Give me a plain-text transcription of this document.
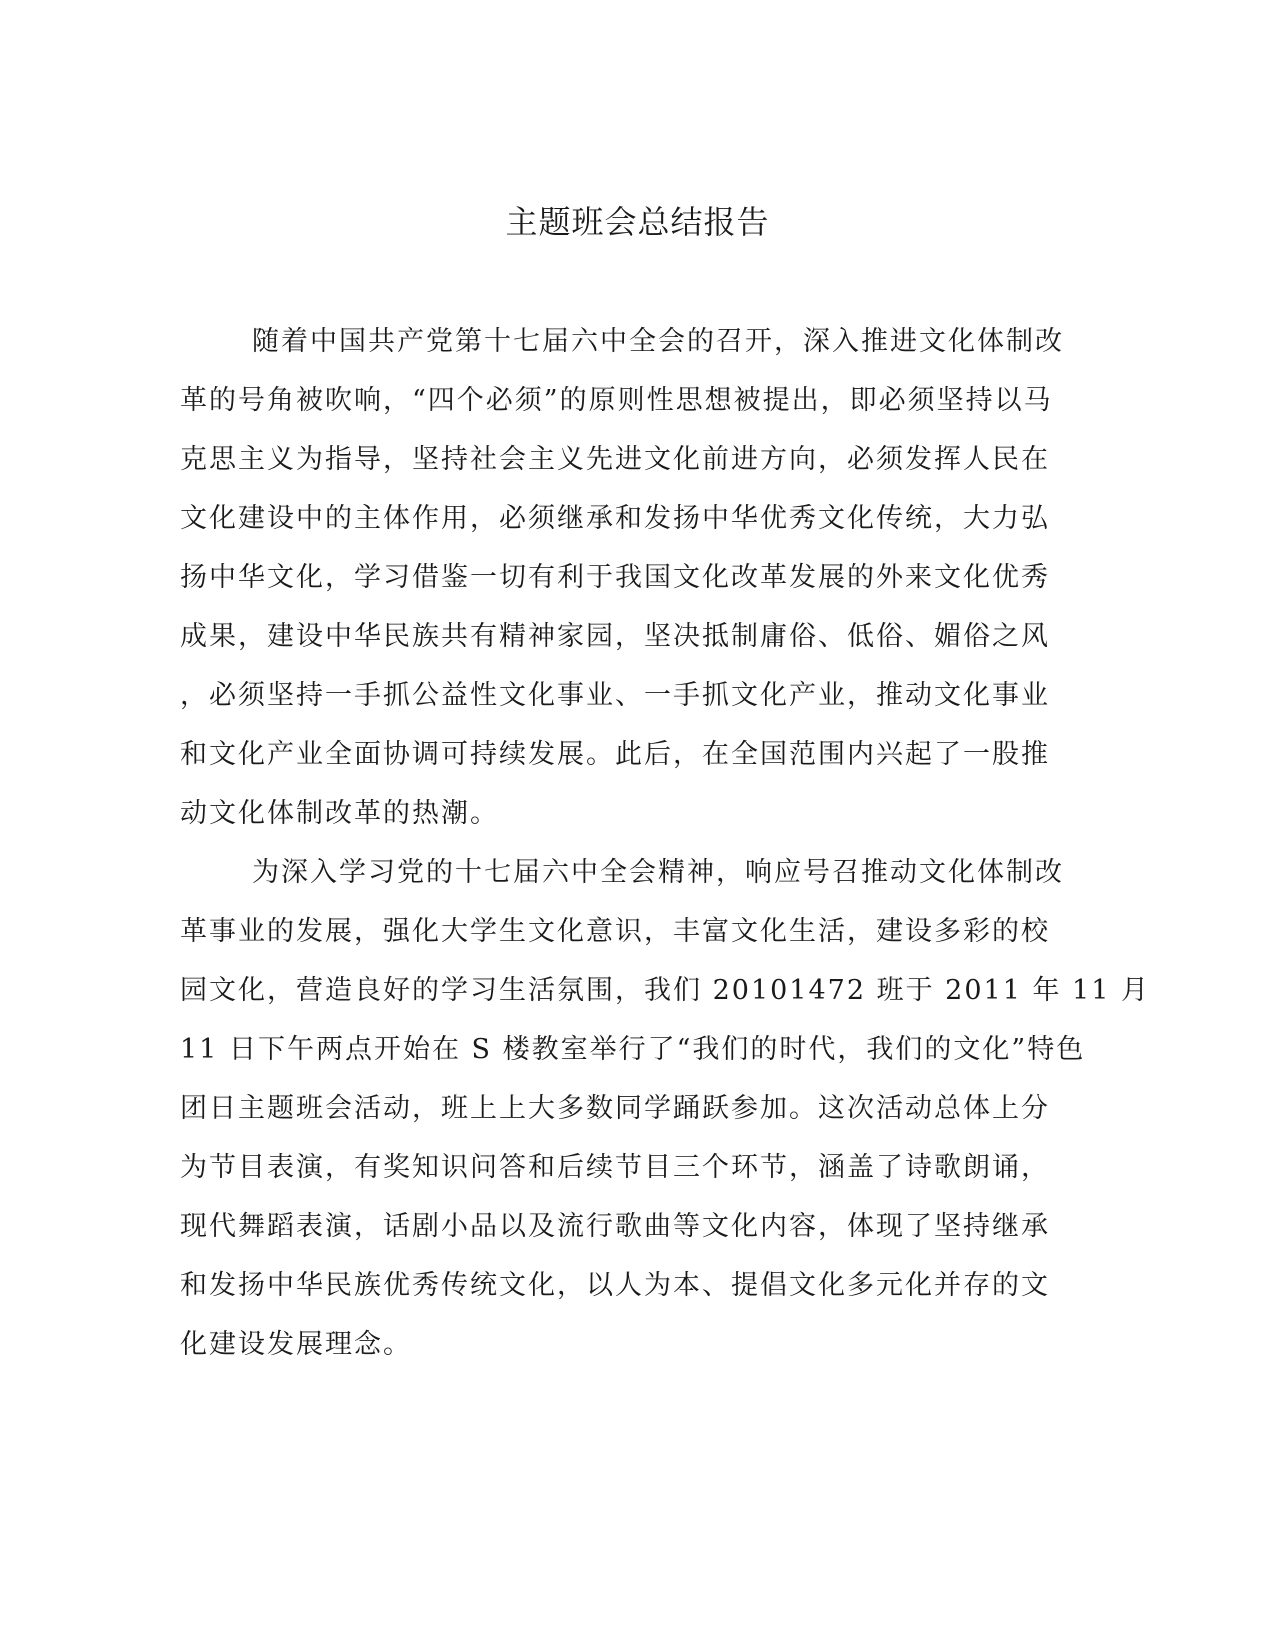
主题班会总结报告
随着中国共产党第十七届六中全会的召开，深入推进文化体制改
革的号角被吹响，“四个必须”的原则性思想被提出，即必须坚持以马
克思主义为指导，坚持社会主义先进文化前进方向，必须发挥人民在
文化建设中的主体作用，必须继承和发扬中华优秀文化传统，大力弘
扬中华文化，学习借鉴一切有利于我国文化改革发展的外来文化优秀
成果，建设中华民族共有精神家园，坚决抵制庸俗、低俗、媚俗之风
，必须坚持一手抓公益性文化事业、一手抓文化产业，推动文化事业
和文化产业全面协调可持续发展。此后，在全国范围内兴起了一股推
动文化体制改革的热潮。
为深入学习党的十七届六中全会精神，响应号召推动文化体制改
革事业的发展，强化大学生文化意识，丰富文化生活，建设多彩的校
园文化，营造良好的学习生活氛围，我们 20101472 班于 2011 年 11 月
11 日下午两点开始在 S 楼教室举行了“我们的时代，我们的文化”特色
团日主题班会活动，班上上大多数同学踊跃参加。这次活动总体上分
为节目表演，有奖知识问答和后续节目三个环节，涵盖了诗歌朗诵，
现代舞蹈表演，话剧小品以及流行歌曲等文化内容，体现了坚持继承
和发扬中华民族优秀传统文化，以人为本、提倡文化多元化并存的文
化建设发展理念。
